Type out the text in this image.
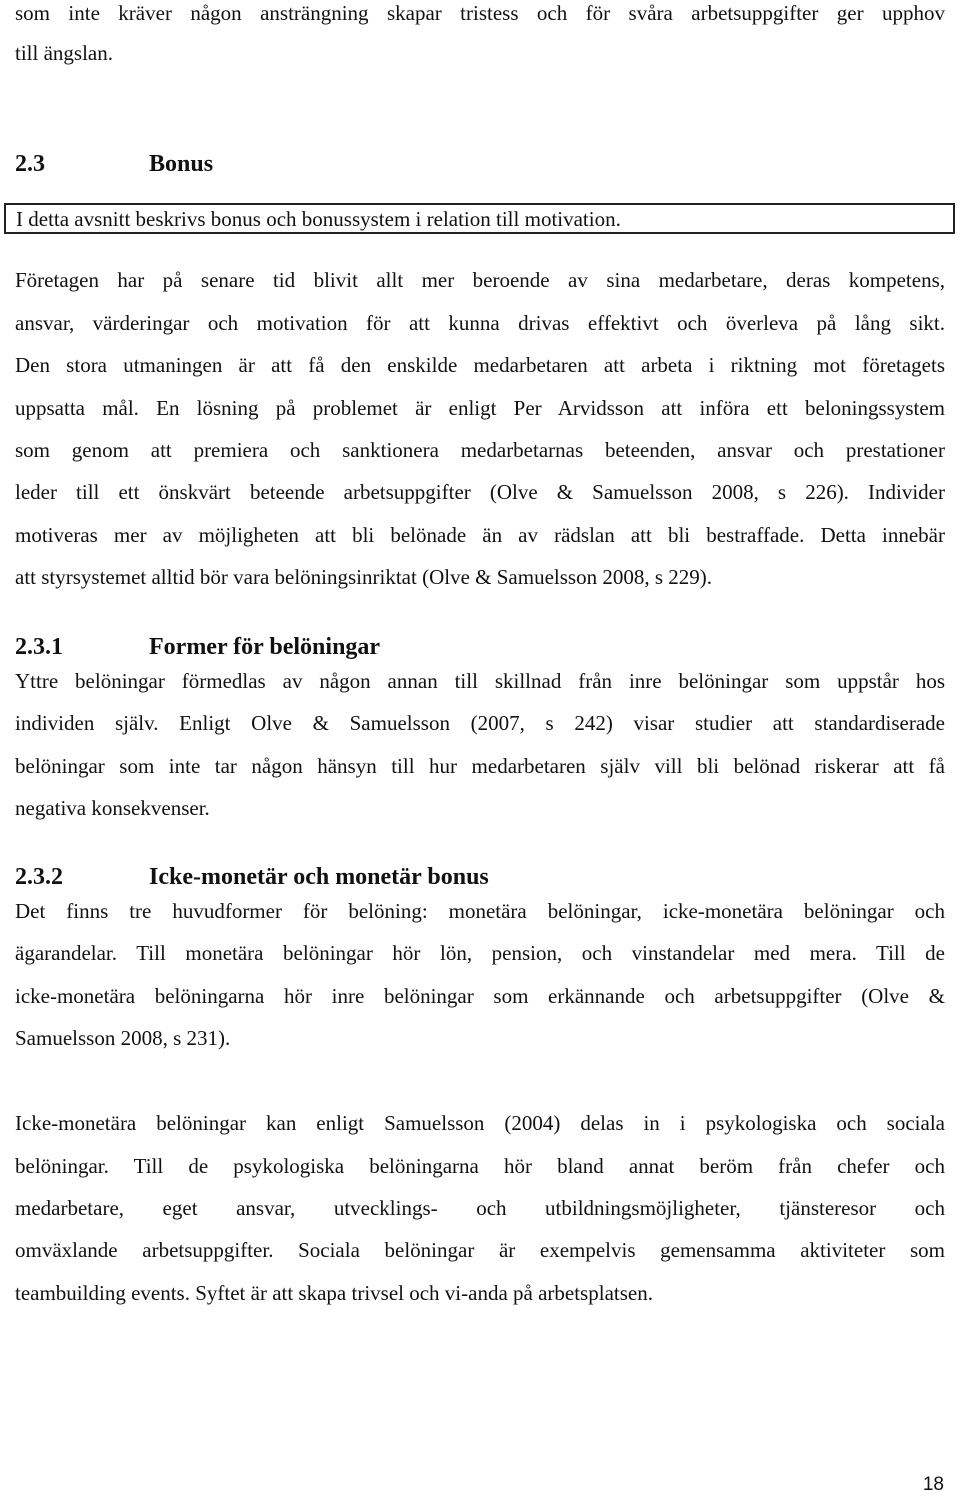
som inte kräver någon ansträngning skapar tristess och för svåra arbetsuppgifter ger upphov
till ängslan.
2.3	Bonus
I detta avsnitt beskrivs bonus och bonussystem i relation till motivation.
Företagen har på senare tid blivit allt mer beroende av sina medarbetare, deras kompetens,
ansvar, värderingar och motivation för att kunna drivas effektivt och överleva på lång sikt.
Den stora utmaningen är att få den enskilde medarbetaren att arbeta i riktning mot företagets
uppsatta mål. En lösning på problemet är enligt Per Arvidsson att införa ett beloningssystem
som genom att premiera och sanktionera medarbetarnas beteenden, ansvar och prestationer
leder till ett önskvärt beteende arbetsuppgifter (Olve & Samuelsson 2008, s 226). Individer
motiveras mer av möjligheten att bli belönade än av rädslan att bli bestraffade. Detta innebär
att styrsystemet alltid bör vara belöningsinriktat (Olve & Samuelsson 2008, s 229).
2.3.1	Former för belöningar
Yttre belöningar förmedlas av någon annan till skillnad från inre belöningar som uppstår hos
individen själv. Enligt Olve & Samuelsson (2007, s 242) visar studier att standardiserade
belöningar som inte tar någon hänsyn till hur medarbetaren själv vill bli belönad riskerar att få
negativa konsekvenser.
2.3.2	Icke-monetär och monetär bonus
Det finns tre huvudformer för belöning: monetära belöningar, icke-monetära belöningar och
ägarandelar. Till monetära belöningar hör lön, pension, och vinstandelar med mera. Till de
icke-monetära belöningarna hör inre belöningar som erkännande och arbetsuppgifter (Olve &
Samuelsson 2008, s 231).
Icke-monetära belöningar kan enligt Samuelsson (2004) delas in i psykologiska och sociala
belöningar. Till de psykologiska belöningarna hör bland annat beröm från chefer och
medarbetare, eget ansvar, utvecklings- och utbildningsmöjligheter, tjänsteresor och
omväxlande arbetsuppgifter. Sociala belöningar är exempelvis gemensamma aktiviteter som
teambuilding events. Syftet är att skapa trivsel och vi-anda på arbetsplatsen.
18
